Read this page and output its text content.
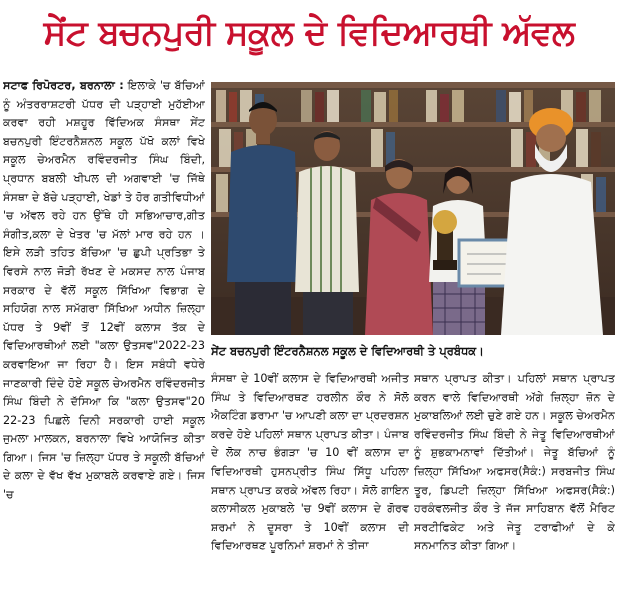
ਸੇਂਟ ਬਚਨਪੁਰੀ ਸਕੂਲ ਦੇ ਵਿਦਿਆਰਥੀ ਅੱਵਲ
ਸਟਾਫ ਰਿਪੋਰਟਰ, ਬਰਨਾਲਾ : ਇਲਾਕੇ 'ਚ ਬੱਚਿਆਂ ਨੂੰ ਅੰਤਰਰਾਸ਼ਟਰੀ ਪੱਧਰ ਦੀ ਪੜ੍ਹਾਈ ਮੁਹੱਈਆ ਕਰਵਾ ਰਹੀ ਮਸ਼ਹੂਰ ਵਿੱਦਿਅਕ ਸੰਸਥਾ ਸੇਂਟ ਬਚਨਪੁਰੀ ਇੰਟਰਨੈਸ਼ਨਲ ਸਕੂਲ ਪੱਖੋ ਕਲਾਂ ਵਿਖੇ ਸਕੂਲ ਚੇਅਰਮੈਨ ਰਵਿੰਦਰਜੀਤ ਸਿੰਘ ਬਿੰਦੀ, ਪ੍ਰਧਾਨ ਬਬਲੀ ਖੀਪਲ ਦੀ ਅਗਵਾਈ 'ਚ ਜਿੱਥੇ ਸੰਸਥਾ ਦੇ ਬੱਚੇ ਪੜ੍ਹਾਈ, ਖੇਡਾਂ ਤੇ ਹੋਰ ਗਤੀਵਿਧੀਆਂ 'ਚ ਅੱਵਲ ਰਹੇ ਹਨ ਉੱਥੇ ਹੀ ਸਭਿਆਚਾਰ,ਗੀਤ ਸੰਗੀਤ,ਕਲਾ ਦੇ ਖੇਤਰ 'ਚ ਮੱਲਾਂ ਮਾਰ ਰਹੇ ਹਨ । ਇਸੇ ਲੜੀ ਤਹਿਤ ਬੱਚਿਆ 'ਚ ਛੁਪੀ ਪ੍ਰਤਿਭਾ ਤੇ ਵਿਰਸੇ ਨਾਲ ਜੋੜੀ ਰੱਖਣ ਦੇ ਮਕਸਦ ਨਾਲ ਪੰਜਾਬ ਸਰਕਾਰ ਦੇ ਵੱਲੋਂ ਸਕੂਲ ਸਿੱਖਿਆ ਵਿਭਾਗ ਦੇ ਸਹਿਯੋਗ ਨਾਲ ਸਮੱਗਰਾ ਸਿੱਖਿਆ ਅਧੀਨ ਜ਼ਿਲ੍ਹਾ ਪੱਧਰ ਤੇ 9ਵੀਂ ਤੋਂ 12ਵੀਂ ਕਲਾਸ ਤੱਕ ਦੇ ਵਿਦਿਆਰਥੀਆਂ ਲਈ "ਕਲਾ ਉਤਸਵ"2022-23 ਕਰਵਾਇਆ ਜਾ ਰਿਹਾ ਹੈ। ਇਸ ਸਬੰਧੀ ਵਧੇਰੇ ਜਾਣਕਾਰੀ ਦਿੰਦੇ ਹੋਏ ਸਕੂਲ ਚੇਅਰਮੈਨ ਰਵਿੰਦਰਜੀਤ ਸਿੰਘ ਬਿੰਦੀ ਨੇ ਦੱਸਿਆ ਕਿ "ਕਲਾ ਉਤਸਵ"20 22-23 ਪਿਛਲੇ ਦਿਨੀ ਸਰਕਾਰੀ ਹਾਈ ਸਕੂਲ ਜੁਮਲਾ ਮਾਲਕਨ, ਬਰਨਾਲਾ ਵਿਖੇ ਆਯੋਜਿਤ ਕੀਤਾ ਗਿਆ। ਜਿਸ 'ਚ ਜ਼ਿਲ੍ਹਾ ਪੱਧਰ ਤੇ ਸਕੂਲੀ ਬੱਚਿਆਂ ਦੇ ਕਲਾ ਦੇ ਵੱਖ ਵੱਖ ਮੁਕਾਬਲੇ ਕਰਵਾਏ ਗਏ। ਜਿਸ 'ਚ
ਸੇਂਟ ਬਚਨਪੁਰੀ ਇੰਟਰਨੈਸ਼ਨਲ ਸਕੂਲ ਦੇ ਵਿਦਿਆਰਥੀ ਤੇ ਪ੍ਰਬੰਧਕ।
ਸੰਸਥਾ ਦੇ 10ਵੀਂ ਕਲਾਸ ਦੇ ਵਿਦਿਆਰਥੀ ਅਜੀਤ ਸਿੰਘ ਤੇ ਵਿਦਿਆਰਥਣ ਹਰਲੀਨ ਕੌਰ ਨੇ ਸੋਲੋ ਐਕਟਿੰਗ ਡਰਾਮਾ 'ਚ ਆਪਣੀ ਕਲਾ ਦਾ ਪ੍ਰਦਰਸ਼ਨ ਕਰਦੇ ਹੋਏ ਪਹਿਲਾਂ ਸਥਾਨ ਪ੍ਰਾਪਤ ਕੀਤਾ। ਪੰਜਾਬ ਦੇ ਲੋਕ ਨਾਚ ਭੰਗੜਾ 'ਚ 10 ਵੀਂ ਕਲਾਸ ਦਾ ਵਿਦਿਆਰਥੀ ਹੁਸਨਪ੍ਰੀਤ ਸਿੰਘ ਸਿੱਧੂ ਪਹਿਲਾ ਸਥਾਨ ਪ੍ਰਾਪਤ ਕਰਕੇ ਅੱਵਲ ਰਿਹਾ। ਸੋਲੋ ਗਾਇਨ ਕਲਾਸੀਕਲ ਮੁਕਾਬਲੇ 'ਚ 9ਵੀਂ ਕਲਾਸ ਦੇ ਗੋਰਵ ਸ਼ਰਮਾਂ ਨੇ ਦੂਸਰਾ ਤੇ 10ਵੀਂ ਕਲਾਸ ਦੀ ਵਿਦਿਆਰਥਣ ਪੂਰਨਿਮਾਂ ਸ਼ਰਮਾਂ ਨੇ ਤੀਜਾ
ਸਥਾਨ ਪ੍ਰਾਪਤ ਕੀਤਾ। ਪਹਿਲਾਂ ਸਥਾਨ ਪ੍ਰਾਪਤ ਕਰਨ ਵਾਲੇ ਵਿਦਿਆਰਥੀ ਅੱਗੇ ਜ਼ਿਲ੍ਹਾ ਜ਼ੋਨ ਦੇ ਮੁਕਾਬਲਿਆਂ ਲਈ ਚੁਣੇ ਗਏ ਹਨ। ਸਕੂਲ ਚੇਅਰਮੈਨ ਰਵਿੰਦਰਜੀਤ ਸਿੰਘ ਬਿੰਦੀ ਨੇ ਜੇਤੂ ਵਿਦਿਆਰਥੀਆਂ ਨੂੰ ਸ਼ੁਭਕਾਮਨਾਵਾਂ ਦਿੱਤੀਆਂ। ਜੇਤੂ ਬੱਚਿਆਂ ਨੂੰ ਜ਼ਿਲ੍ਹਾ ਸਿੱਖਿਆ ਅਫਸਰ(ਸੈਕੰ:) ਸਰਬਜੀਤ ਸਿੰਘ ਤੂਰ, ਡਿਪਟੀ ਜ਼ਿਲ੍ਹਾ ਸਿੱਖਿਆ ਅਫਸਰ(ਸੈਕੰ:) ਹਰਕੰਵਲਜੀਤ ਕੌਰ ਤੇ ਜੱਜ ਸਾਹਿਬਾਨ ਵੱਲੋਂ ਮੈਰਿਟ ਸਰਟੀਫਿਕੇਟ ਅਤੇ ਜੇਤੂ ਟਰਾਫੀਆਂ ਦੇ ਕੇ ਸਨਮਾਨਿਤ ਕੀਤਾ ਗਿਆ।
